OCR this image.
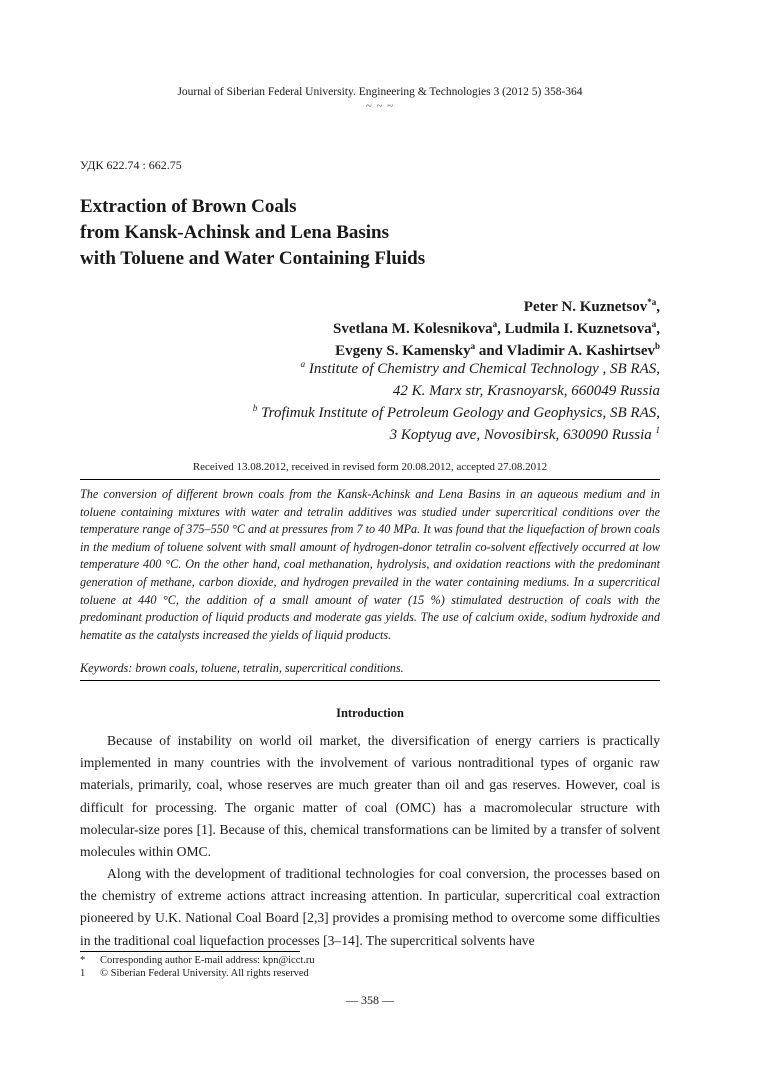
Journal of Siberian Federal University. Engineering & Technologies 3 (2012 5) 358-364
~ ~ ~
УДК 622.74 : 662.75
Extraction of Brown Coals
from Kansk-Achinsk and Lena Basins
with Toluene and Water Containing Fluids
Peter N. Kuznetsov$^{*a}$,
Svetlana M. Kolesnikova$^a$, Ludmila I. Kuznetsova$^a$,
Evgeny S. Kamensky$^a$ and Vladimir A. Kashirtsev$^b$
$^a$ Institute of Chemistry and Chemical Technology , SB RAS,
42 K. Marx str, Krasnoyarsk, 660049 Russia
$^b$ Trofimuk Institute of Petroleum Geology and Geophysics, SB RAS,
3 Koptyug ave, Novosibirsk, 630090 Russia $^1$
Received 13.08.2012, received in revised form 20.08.2012, accepted 27.08.2012
The conversion of different brown coals from the Kansk-Achinsk and Lena Basins in an aqueous medium and in toluene containing mixtures with water and tetralin additives was studied under supercritical conditions over the temperature range of 375–550 °C and at pressures from 7 to 40 MPa. It was found that the liquefaction of brown coals in the medium of toluene solvent with small amount of hydrogen-donor tetralin co-solvent effectively occurred at low temperature 400 °C. On the other hand, coal methanation, hydrolysis, and oxidation reactions with the predominant generation of methane, carbon dioxide, and hydrogen prevailed in the water containing mediums. In a supercritical toluene at 440 °C, the addition of a small amount of water (15 %) stimulated destruction of coals with the predominant production of liquid products and moderate gas yields. The use of calcium oxide, sodium hydroxide and hematite as the catalysts increased the yields of liquid products.
Keywords: brown coals, toluene, tetralin, supercritical conditions.
Introduction

Because of instability on world oil market, the diversification of energy carriers is practically implemented in many countries with the involvement of various nontraditional types of organic raw materials, primarily, coal, whose reserves are much greater than oil and gas reserves. However, coal is difficult for processing. The organic matter of coal (OMC) has a macromolecular structure with molecular-size pores [1]. Because of this, chemical transformations can be limited by a transfer of solvent molecules within OMC.

Along with the development of traditional technologies for coal conversion, the processes based on the chemistry of extreme actions attract increasing attention. In particular, supercritical coal extraction pioneered by U.K. National Coal Board [2,3] provides a promising method to overcome some difficulties in the traditional coal liquefaction processes [3–14]. The supercritical solvents have

* Corresponding author E-mail address: kpn@icct.ru
1 © Siberian Federal University. All rights reserved
— 358 —
